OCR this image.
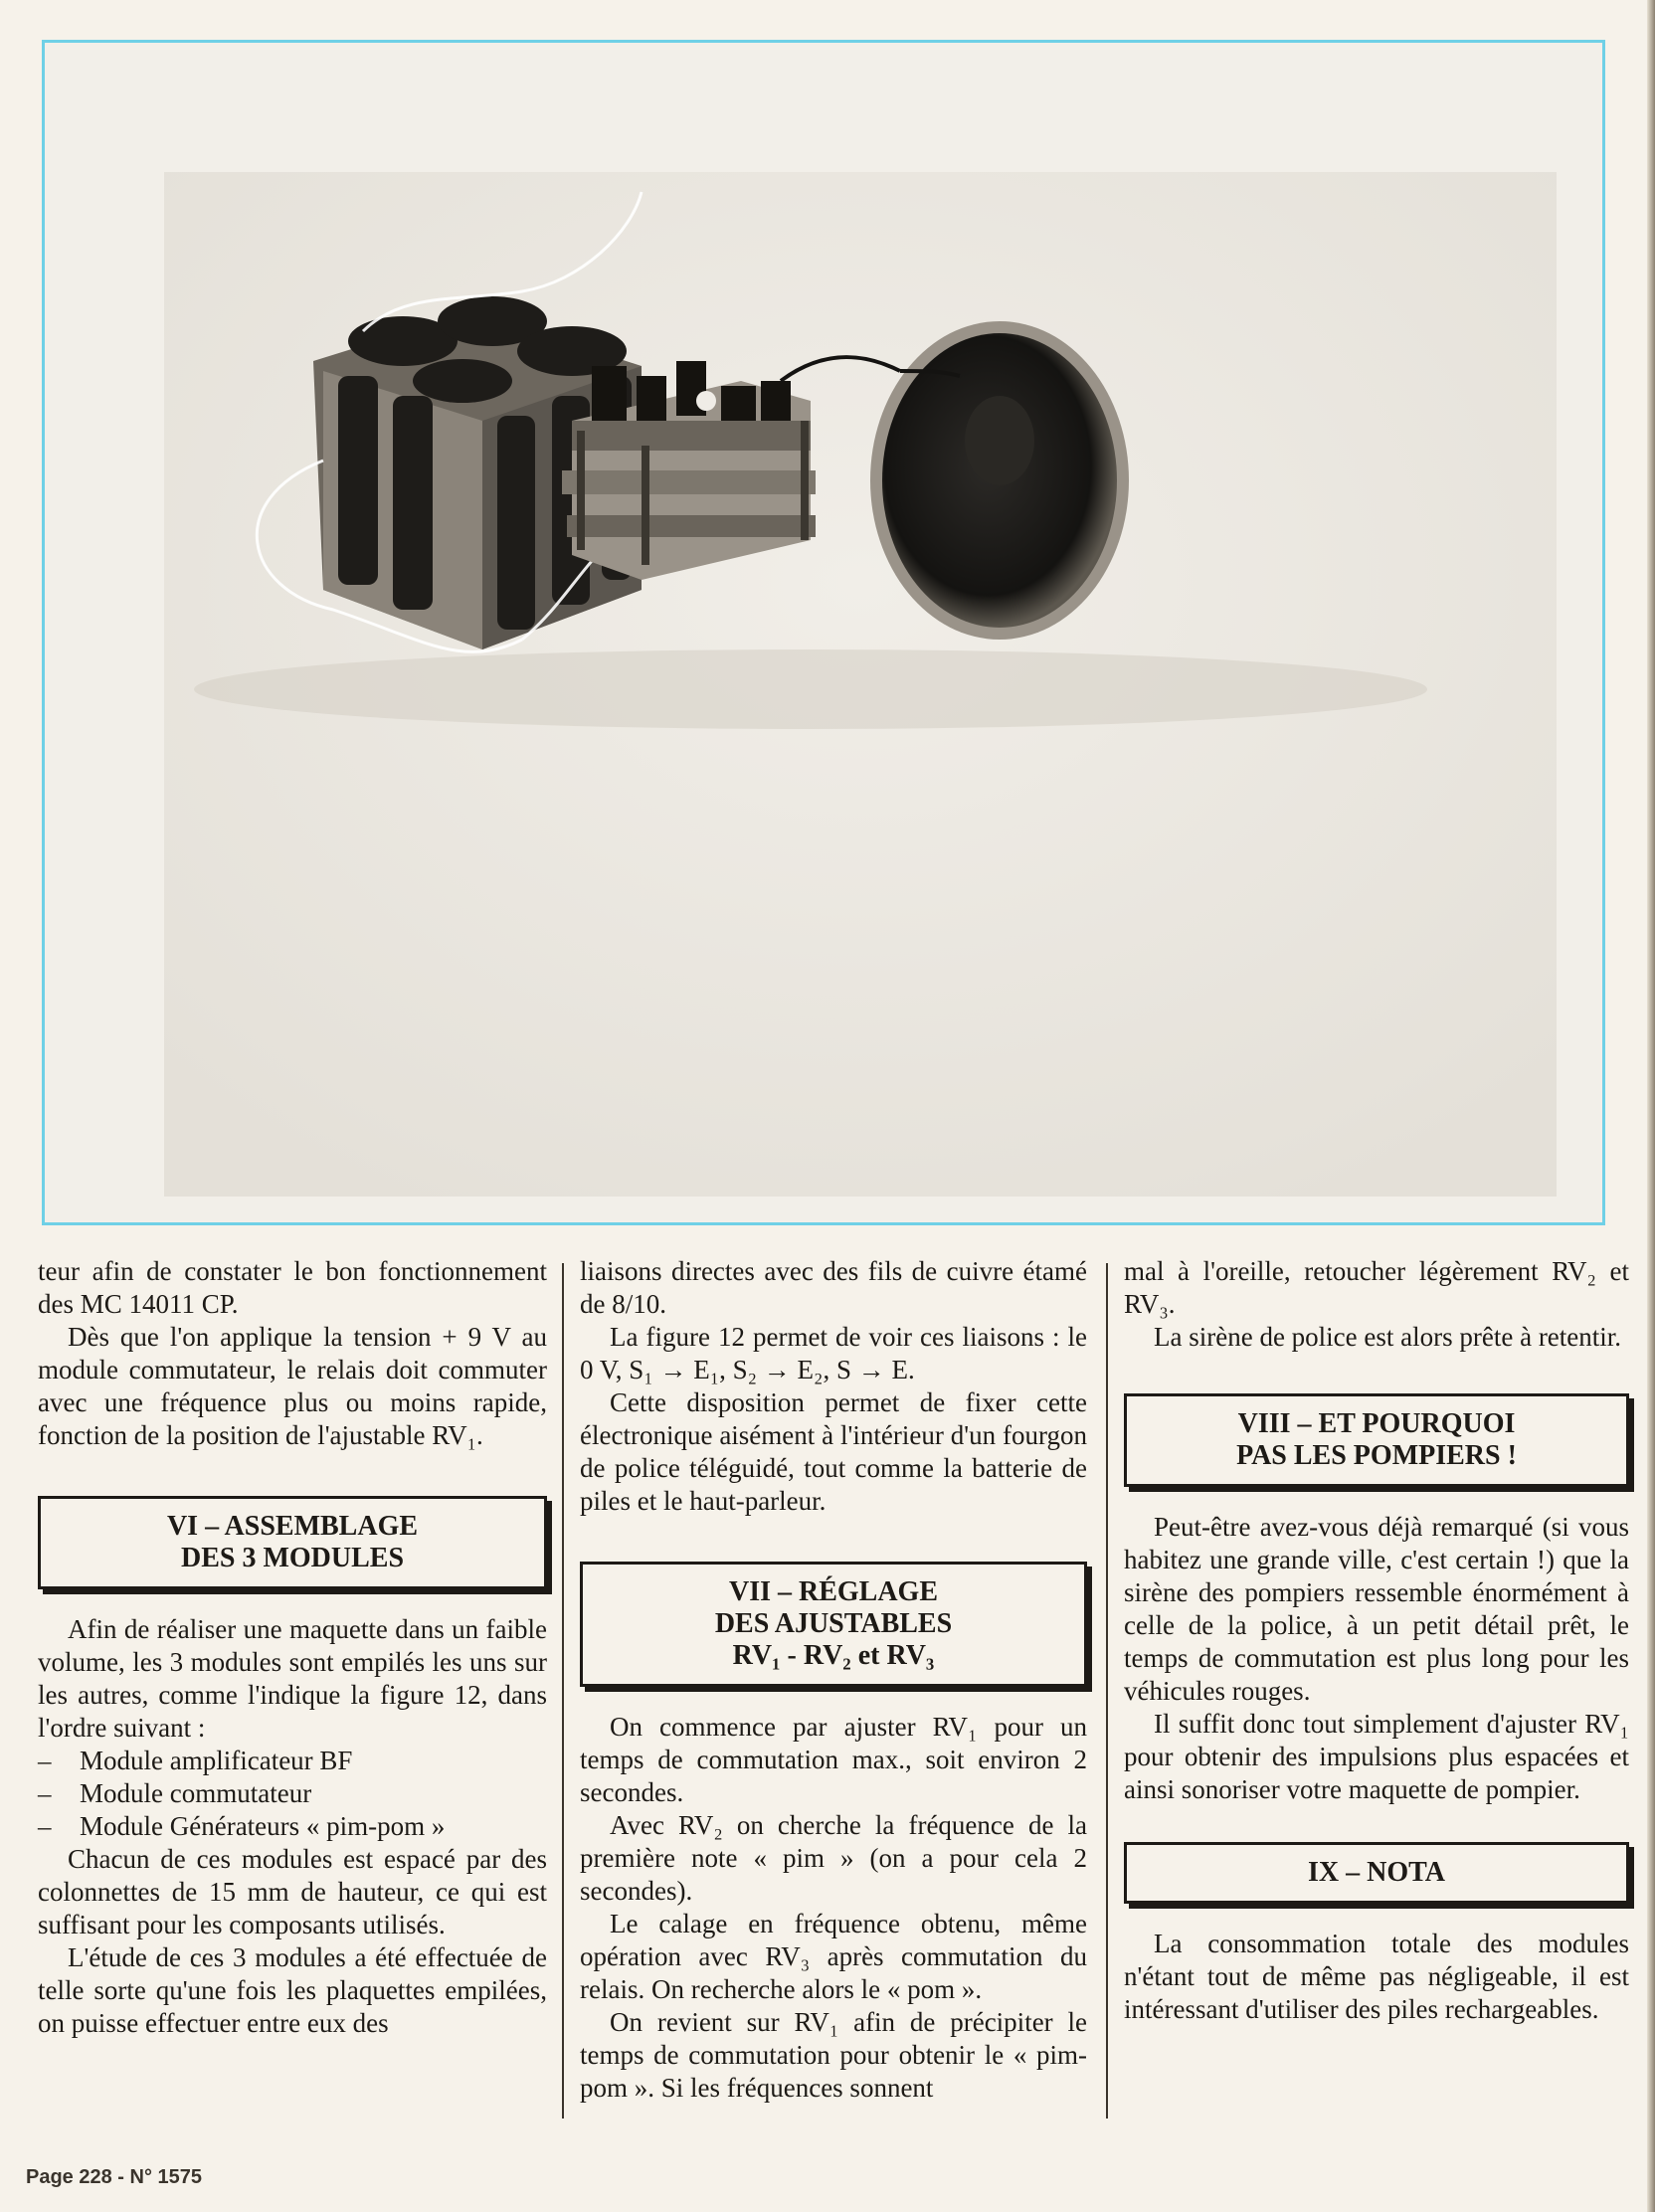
teur afin de constater le bon fonctionnement des MC 14011 CP.

Dès que l'on applique la tension + 9 V au module commutateur, le relais doit commuter avec une fréquence plus ou moins rapide, fonction de la position de l'ajustable RV₁.

VI – ASSEMBLAGE
DES 3 MODULES

Afin de réaliser une maquette dans un faible volume, les 3 modules sont empilés les uns sur les autres, comme l'indique la figure 12, dans l'ordre suivant :

– Module amplificateur BF
– Module commutateur
– Module Générateurs « pim-pom »

Chacun de ces modules est espacé par des colonnettes de 15 mm de hauteur, ce qui est suffisant pour les composants utilisés.

L'étude de ces 3 modules a été effectuée de telle sorte qu'une fois les plaquettes empilées, on puisse effectuer entre eux des

liaisons directes avec des fils de cuivre étamé de 8/10.

La figure 12 permet de voir ces liaisons : le 0 V, S₁ → E₁, S₂ → E₂, S → E.

Cette disposition permet de fixer cette électronique aisément à l'intérieur d'un fourgon de police téléguidé, tout comme la batterie de piles et le haut-parleur.

VII – RÉGLAGE
DES AJUSTABLES
RV₁ - RV₂ et RV₃

On commence par ajuster RV₁ pour un temps de commutation max., soit environ 2 secondes.

Avec RV₂ on cherche la fréquence de la première note « pim » (on a pour cela 2 secondes).

Le calage en fréquence obtenu, même opération avec RV₃ après commutation du relais. On recherche alors le « pom ».

On revient sur RV₁ afin de précipiter le temps de commutation pour obtenir le « pim-pom ». Si les fréquences sonnent

mal à l'oreille, retoucher légèrement RV₂ et RV₃.

La sirène de police est alors prête à retentir.

VIII – ET POURQUOI
PAS LES POMPIERS !

Peut-être avez-vous déjà remarqué (si vous habitez une grande ville, c'est certain !) que la sirène des pompiers ressemble énormément à celle de la police, à un petit détail prêt, le temps de commutation est plus long pour les véhicules rouges.

Il suffit donc tout simplement d'ajuster RV₁ pour obtenir des impulsions plus espacées et ainsi sonoriser votre maquette de pompier.

IX – NOTA

La consommation totale des modules n'étant tout de même pas négligeable, il est intéressant d'utiliser des piles rechargeables.

Page 228 - N° 1575
